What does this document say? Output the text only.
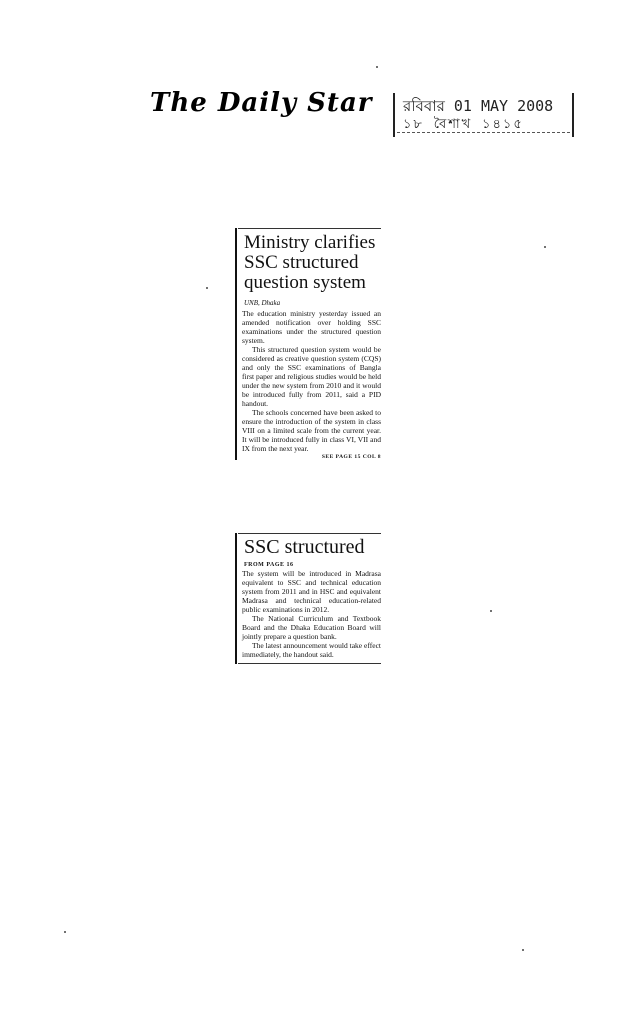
The Daily Star রবিবার 01 MAY 2008
১৮ বৈশাখ ১৪১৫
Ministry clarifies SSC structured question system
UNB, Dhaka

The education ministry yesterday issued an amended notification over holding SSC examinations under the structured question system.

This structured question system would be considered as creative question system (CQS) and only the SSC examinations of Bangla first paper and religious studies would be held under the new system from 2010 and it would be introduced fully from 2011, said a PID handout.

The schools concerned have been asked to ensure the introduction of the system in class VIII on a limited scale from the current year. It will be introduced fully in class VI, VII and IX from the next year.

SEE PAGE 15 COL 8
SSC structured
FROM PAGE 16

The system will be introduced in Madrasa equivalent to SSC and technical education system from 2011 and in HSC and equivalent Madrasa and technical education-related public examinations in 2012.

The National Curriculum and Textbook Board and the Dhaka Education Board will jointly prepare a question bank.

The latest announcement would take effect immediately, the handout said.
